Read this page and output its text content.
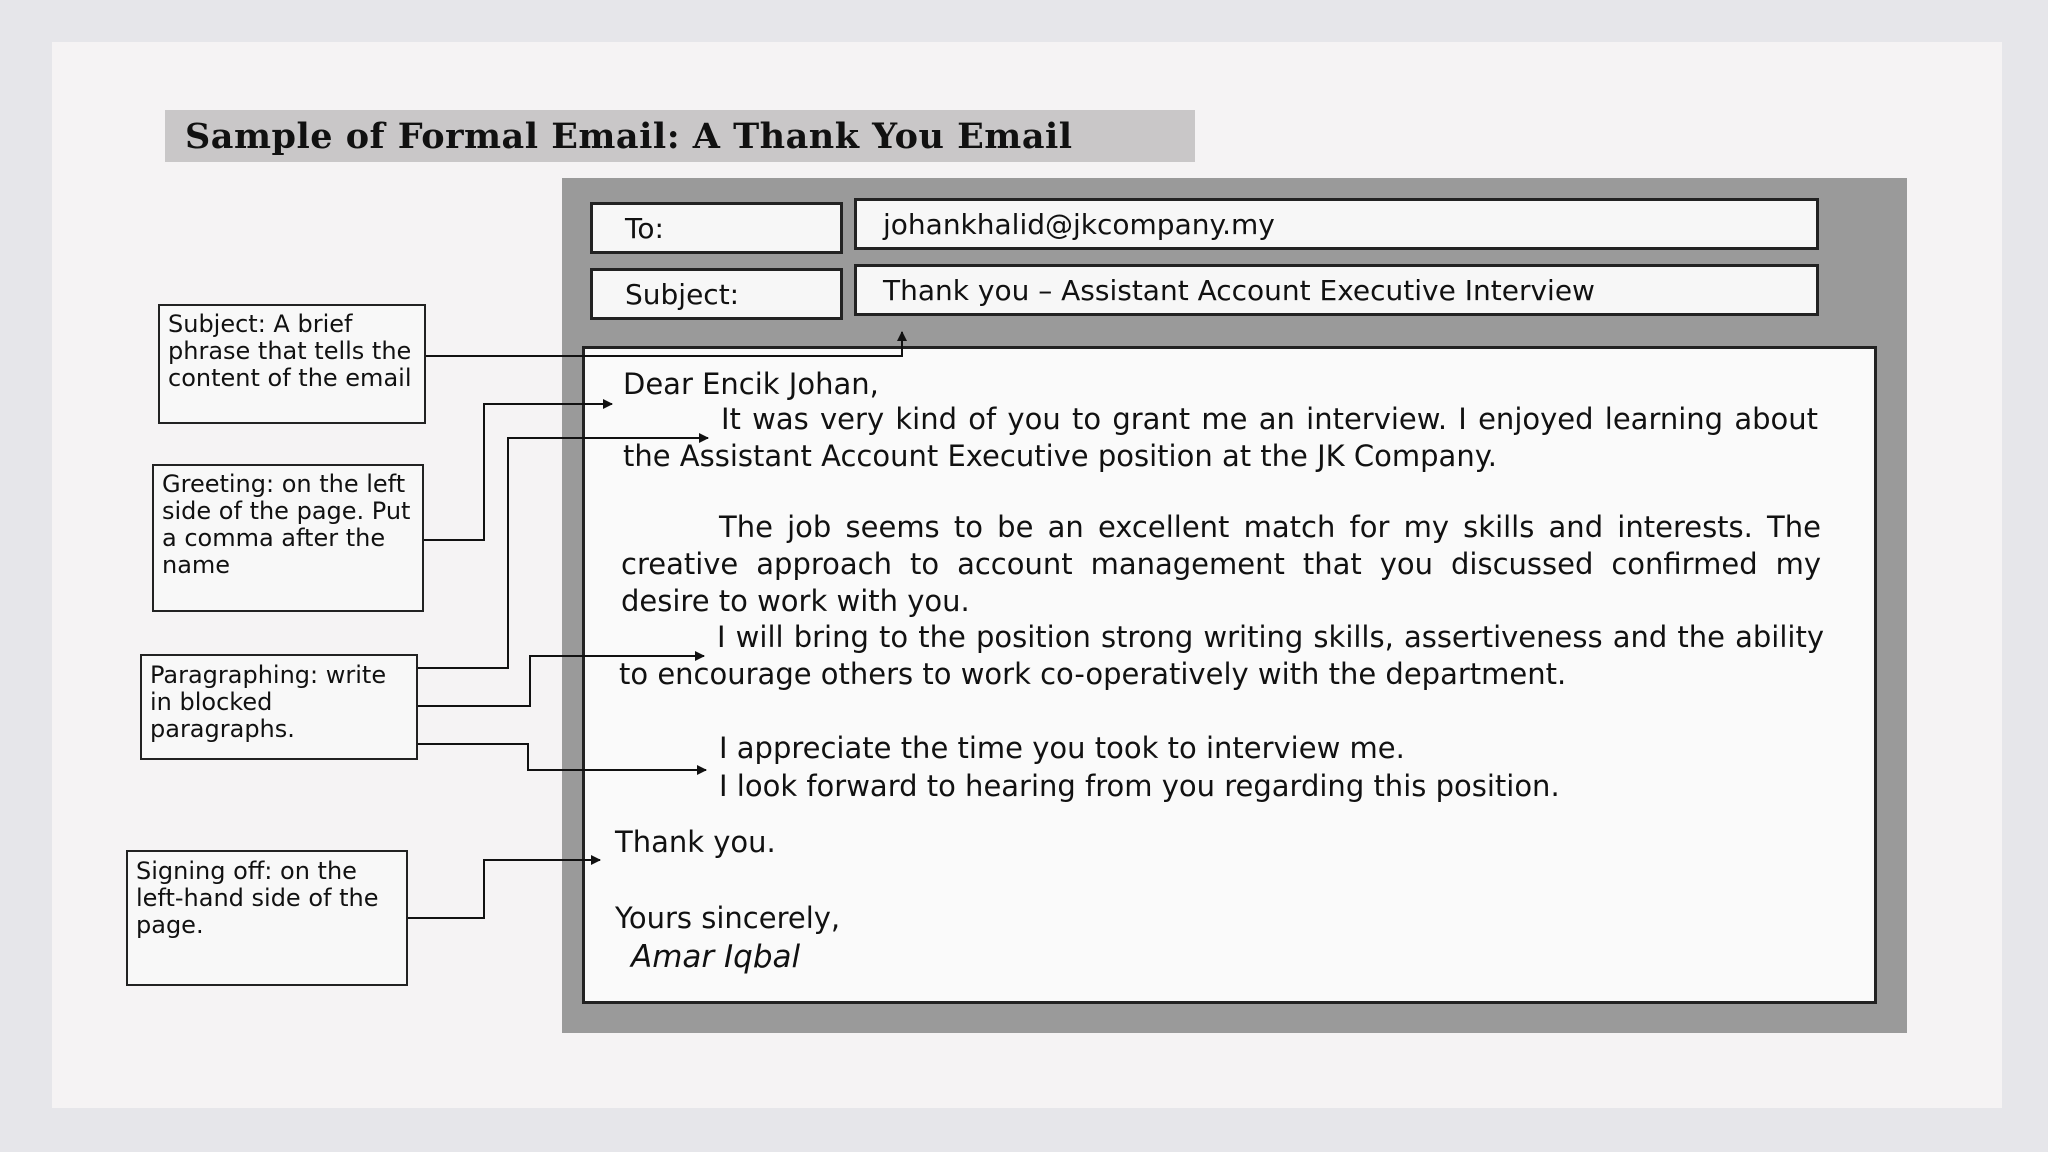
Sample of Formal Email: A Thank You Email
Subject: A brief phrase that tells the content of the email
Greeting: on the left side of the page. Put a comma after the name
Paragraphing: write in blocked paragraphs.
Signing off: on the left-hand side of the page.
To:	johankhalid@jkcompany.my
Subject:	Thank you – Assistant Account Executive Interview
Dear Encik Johan,
It was very kind of you to grant me an interview. I enjoyed learning about the Assistant Account Executive position at the JK Company.
The job seems to be an excellent match for my skills and interests. The creative approach to account management that you discussed confirmed my desire to work with you.
I will bring to the position strong writing skills, assertiveness and the ability to encourage others to work co-operatively with the department.
I appreciate the time you took to interview me.
I look forward to hearing from you regarding this position.
Thank you.
Yours sincerely,
Amar Iqbal
